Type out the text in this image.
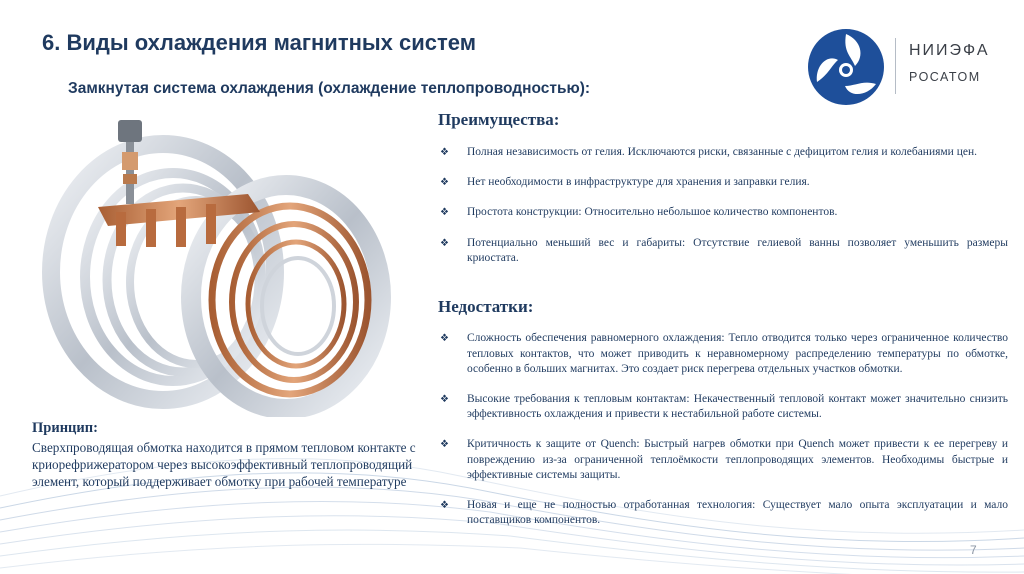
6. Виды охлаждения магнитных систем
Замкнутая система охлаждения (охлаждение теплопроводностью):
НИИЭФА
РОСАТОМ

Принцип:

Сверхпроводящая обмотка находится в прямом тепловом контакте с криорефрижератором через высокоэффективный теплопроводящий элемент, который поддерживает обмотку при рабочей температуре

Преимущества:
❖ Полная независимость от гелия. Исключаются риски, связанные с дефицитом гелия и колебаниями цен.
❖ Нет необходимости в инфраструктуре для хранения и заправки гелия.
❖ Простота конструкции: Относительно небольшое количество компонентов.
❖ Потенциально меньший вес и габариты: Отсутствие гелиевой ванны позволяет уменьшить размеры криостата.
Недостатки:
❖ Сложность обеспечения равномерного охлаждения: Тепло отводится только через ограниченное количество тепловых контактов, что может приводить к неравномерному распределению температуры по обмотке, особенно в больших магнитах. Это создает риск перегрева отдельных участков обмотки.
❖ Высокие требования к тепловым контактам: Некачественный тепловой контакт может значительно снизить эффективность охлаждения и привести к нестабильной работе системы.
❖ Критичность к защите от Quench: Быстрый нагрев обмотки при Quench может привести к ее перегреву и повреждению из-за ограниченной теплоёмкости теплопроводящих элементов. Необходимы быстрые и эффективные системы защиты.
❖ Новая и еще не полностью отработанная технология: Существует мало опыта эксплуатации и мало поставщиков компонентов.
7
